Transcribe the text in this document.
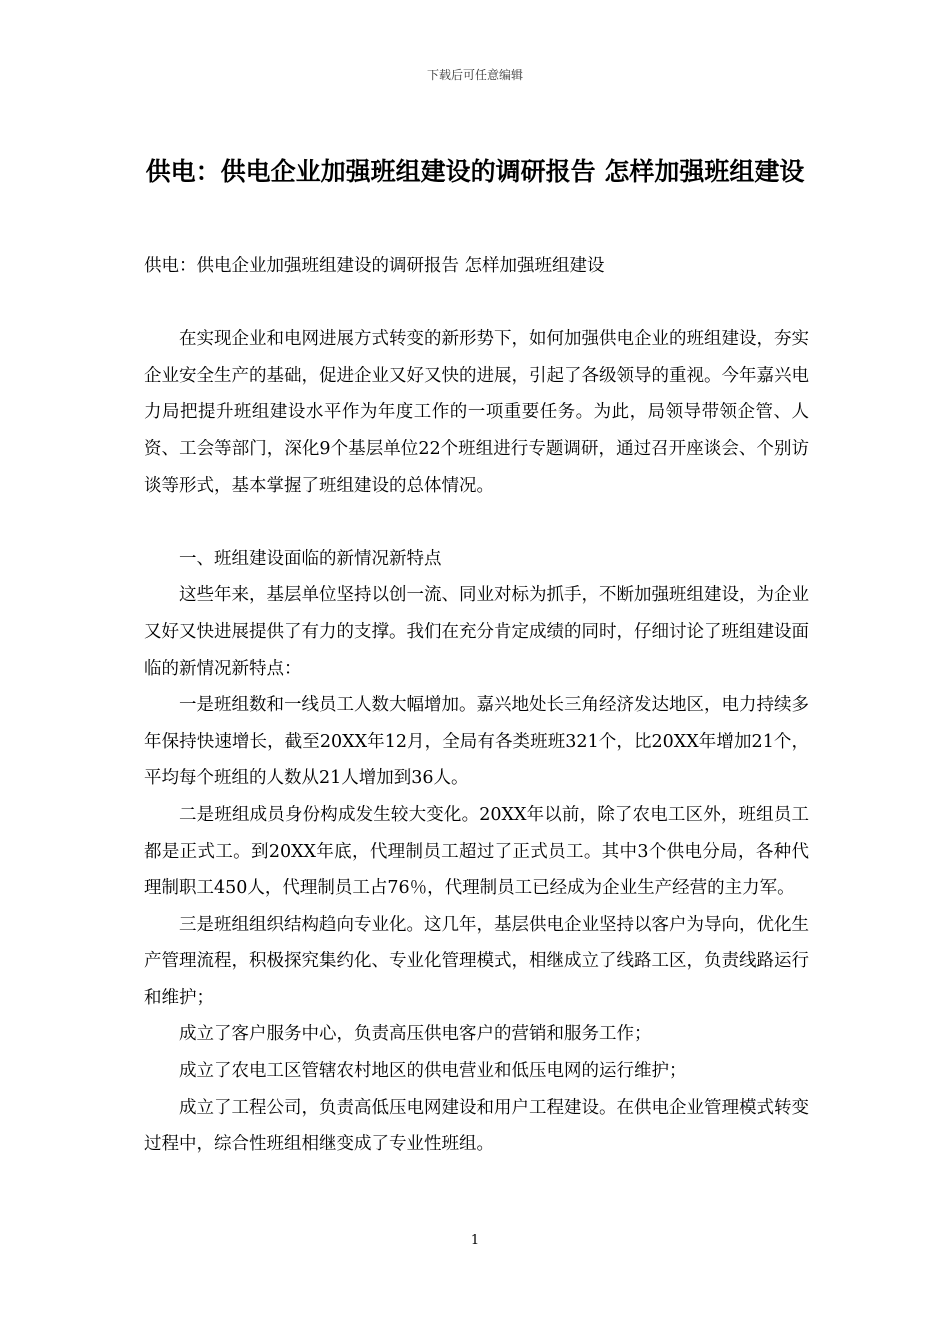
下载后可任意编辑
供电：供电企业加强班组建设的调研报告 怎样加强班组建设

供电：供电企业加强班组建设的调研报告 怎样加强班组建设

在实现企业和电网进展方式转变的新形势下，如何加强供电企业的班组建设，夯实企业安全生产的基础，促进企业又好又快的进展，引起了各级领导的重视。今年嘉兴电力局把提升班组建设水平作为年度工作的一项重要任务。为此，局领导带领企管、人资、工会等部门，深化9个基层单位22个班组进行专题调研，通过召开座谈会、个别访谈等形式，基本掌握了班组建设的总体情况。

一、班组建设面临的新情况新特点

这些年来，基层单位坚持以创一流、同业对标为抓手，不断加强班组建设，为企业又好又快进展提供了有力的支撑。我们在充分肯定成绩的同时，仔细讨论了班组建设面临的新情况新特点：

一是班组数和一线员工人数大幅增加。嘉兴地处长三角经济发达地区，电力持续多年保持快速增长，截至20XX年12月，全局有各类班班321个，比20XX年增加21个，平均每个班组的人数从21人增加到36人。

二是班组成员身份构成发生较大变化。20XX年以前，除了农电工区外，班组员工都是正式工。到20XX年底，代理制员工超过了正式员工。其中3个供电分局，各种代理制职工450人，代理制员工占76％，代理制员工已经成为企业生产经营的主力军。

三是班组组织结构趋向专业化。这几年，基层供电企业坚持以客户为导向，优化生产管理流程，积极探究集约化、专业化管理模式，相继成立了线路工区，负责线路运行和维护；

成立了客户服务中心，负责高压供电客户的营销和服务工作；

成立了农电工区管辖农村地区的供电营业和低压电网的运行维护；

成立了工程公司，负责高低压电网建设和用户工程建设。在供电企业管理模式转变过程中，综合性班组相继变成了专业性班组。

1
